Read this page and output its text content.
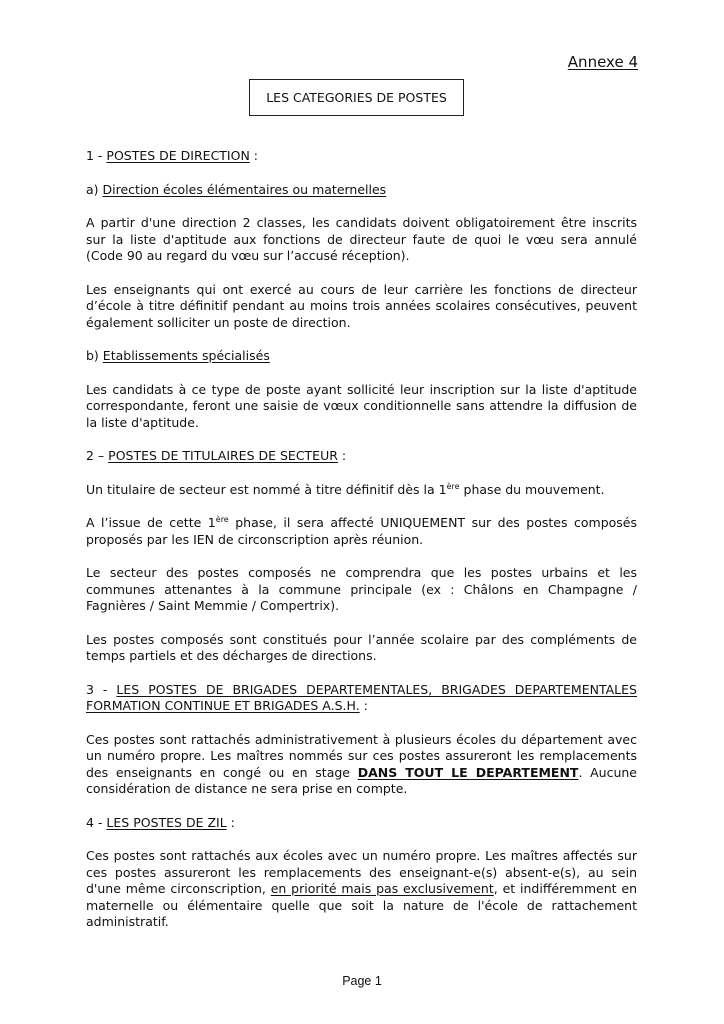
Annexe 4
LES CATEGORIES DE POSTES

1 - POSTES DE DIRECTION :

a) Direction écoles élémentaires ou maternelles

A partir d'une direction 2 classes, les candidats doivent obligatoirement être inscrits sur la liste d'aptitude aux fonctions de directeur faute de quoi le vœu sera annulé (Code 90 au regard du vœu sur l’accusé réception).

Les enseignants qui ont exercé au cours de leur carrière les fonctions de directeur d’école à titre définitif pendant au moins trois années scolaires consécutives, peuvent également solliciter un poste de direction.

b) Etablissements spécialisés

Les candidats à ce type de poste ayant sollicité leur inscription sur la liste d'aptitude correspondante, feront une saisie de vœux conditionnelle sans attendre la diffusion de la liste d'aptitude.

2 – POSTES DE TITULAIRES DE SECTEUR :

Un titulaire de secteur est nommé à titre définitif dès la 1ère phase du mouvement.

A l’issue de cette 1ère phase, il sera affecté UNIQUEMENT sur des postes composés proposés par les IEN de circonscription après réunion.

Le secteur des postes composés ne comprendra que les postes urbains et les communes attenantes à la commune principale (ex : Châlons en Champagne / Fagnières / Saint Memmie / Compertrix).

Les postes composés sont constitués pour l’année scolaire par des compléments de temps partiels et des décharges de directions.

3 - LES POSTES DE BRIGADES DEPARTEMENTALES, BRIGADES DEPARTEMENTALES FORMATION CONTINUE ET BRIGADES A.S.H. :

Ces postes sont rattachés administrativement à plusieurs écoles du département avec un numéro propre. Les maîtres nommés sur ces postes assureront les remplacements des enseignants en congé ou en stage DANS TOUT LE DEPARTEMENT. Aucune considération de distance ne sera prise en compte.

4 - LES POSTES DE ZIL :

Ces postes sont rattachés aux écoles avec un numéro propre. Les maîtres affectés sur ces postes assureront les remplacements des enseignant-e(s) absent-e(s), au sein d'une même circonscription, en priorité mais pas exclusivement, et indifféremment en maternelle ou élémentaire quelle que soit la nature de l'école de rattachement administratif.

Page 1
